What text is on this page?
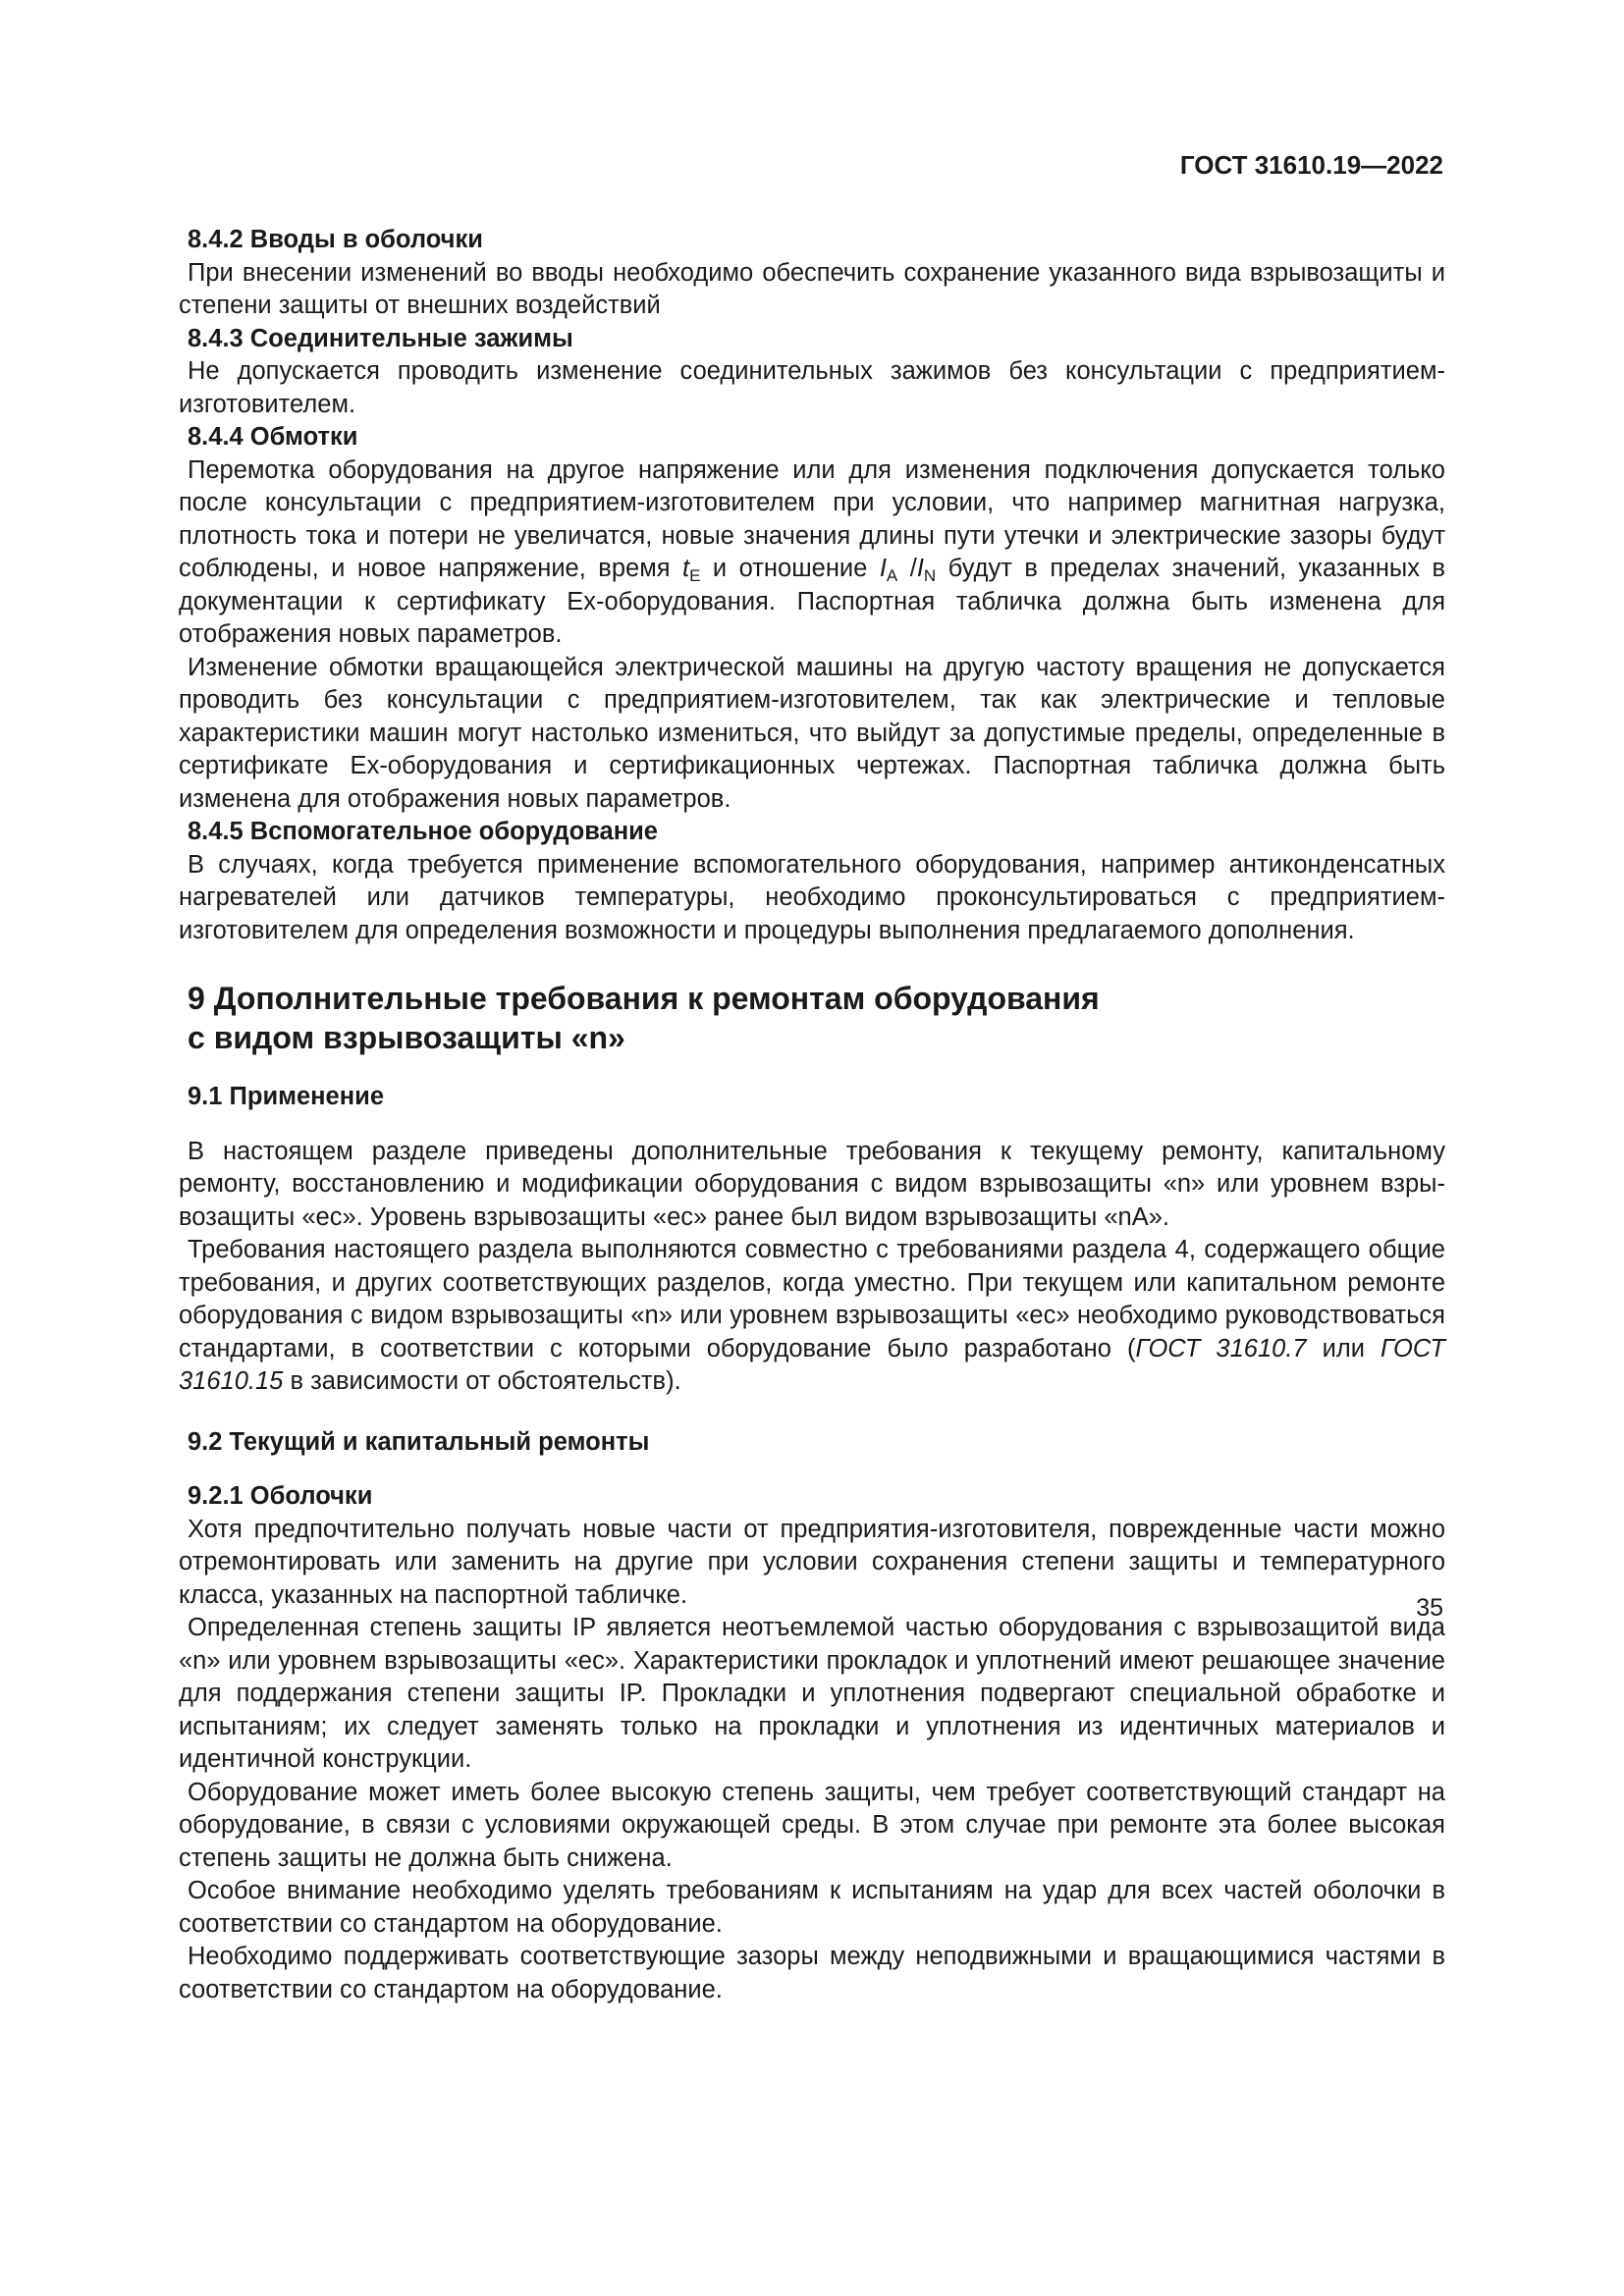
ГОСТ 31610.19—2022
8.4.2 Вводы в оболочки
При внесении изменений во вводы необходимо обеспечить сохранение указанного вида взрывозащиты и степени защиты от внешних воздействий
8.4.3 Соединительные зажимы
Не допускается проводить изменение соединительных зажимов без консультации с предприятием-изготовителем.
8.4.4 Обмотки
Перемотка оборудования на другое напряжение или для изменения подключения допускается только после консультации с предприятием-изготовителем при условии, что например магнитная нагрузка, плотность тока и потери не увеличатся, новые значения длины пути утечки и электрические зазоры будут соблюдены, и новое напряжение, время $t_E$ и отношение $I_A$ $/I_N$ будут в пределах значений, указанных в документации к сертификату Ex-оборудования. Паспортная табличка должна быть изменена для отображения новых параметров.
Изменение обмотки вращающейся электрической машины на другую частоту вращения не допускается проводить без консультации с предприятием-изготовителем, так как электрические и тепловые характеристики машин могут настолько измениться, что выйдут за допустимые пределы, определенные в сертификате Ex-оборудования и сертификационных чертежах. Паспортная табличка должна быть изменена для отображения новых параметров.
8.4.5 Вспомогательное оборудование
В случаях, когда требуется применение вспомогательного оборудования, например антиконденсатных нагревателей или датчиков температуры, необходимо проконсультироваться с предприятием-изготовителем для определения возможности и процедуры выполнения предлагаемого дополнения.
9 Дополнительные требования к ремонтам оборудования
с видом взрывозащиты «n»
9.1 Применение
В настоящем разделе приведены дополнительные требования к текущему ремонту, капитальному ремонту, восстановлению и модификации оборудования с видом взрывозащиты «n» или уровнем взрывозащиты «ec». Уровень взрывозащиты «ec» ранее был видом взрывозащиты «nA».
Требования настоящего раздела выполняются совместно с требованиями раздела 4, содержащего общие требования, и других соответствующих разделов, когда уместно. При текущем или капитальном ремонте оборудования с видом взрывозащиты «n» или уровнем взрывозащиты «ec» необходимо руководствоваться стандартами, в соответствии с которыми оборудование было разработано (ГОСТ 31610.7 или ГОСТ 31610.15 в зависимости от обстоятельств).
9.2 Текущий и капитальный ремонты
9.2.1 Оболочки
Хотя предпочтительно получать новые части от предприятия-изготовителя, поврежденные части можно отремонтировать или заменить на другие при условии сохранения степени защиты и температурного класса, указанных на паспортной табличке.
Определенная степень защиты IP является неотъемлемой частью оборудования с взрывозащитой вида «n» или уровнем взрывозащиты «ec». Характеристики прокладок и уплотнений имеют решающее значение для поддержания степени защиты IP. Прокладки и уплотнения подвергают специальной обработке и испытаниям; их следует заменять только на прокладки и уплотнения из идентичных материалов и идентичной конструкции.
Оборудование может иметь более высокую степень защиты, чем требует соответствующий стандарт на оборудование, в связи с условиями окружающей среды. В этом случае при ремонте эта более высокая степень защиты не должна быть снижена.
Особое внимание необходимо уделять требованиям к испытаниям на удар для всех частей оболочки в соответствии со стандартом на оборудование.
Необходимо поддерживать соответствующие зазоры между неподвижными и вращающимися частями в соответствии со стандартом на оборудование.
35
